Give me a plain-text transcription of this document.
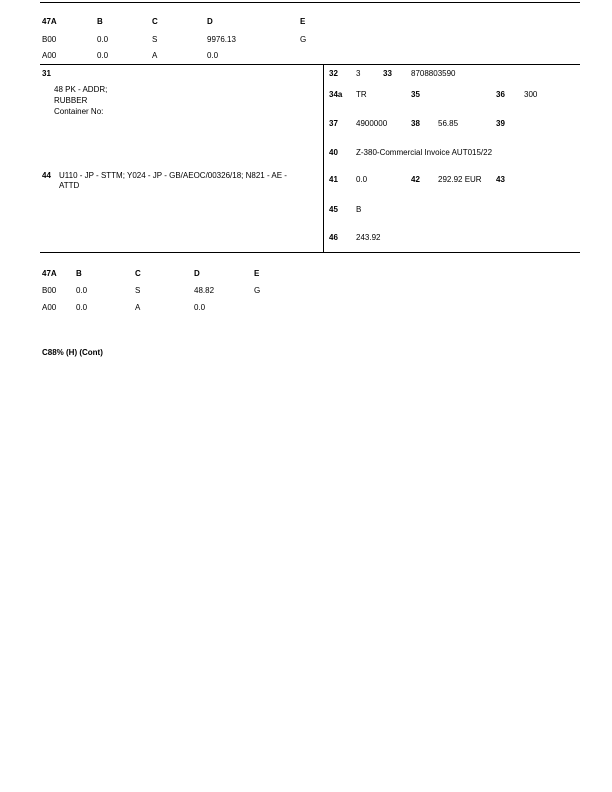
47A	B	C	D	E
B00	0.0	S	9976.13	G
A00	0.0	A	0.0
31
48 PK - ADDR;
RUBBER
Container No:
44 U110 - JP - STTM; Y024 - JP - GB/AEOC/00326/18; N821 - AE -
ATTD
32 3	33 8708803590
34a TR	35	36 300
37 4900000	38 56.85	39
40 Z-380-Commercial Invoice AUT015/22
41 0.0	42 292.92 EUR 43
45 B
46 243.92
47A B	C	D	E
B00 0.0	S	48.82	G
A00 0.0	A	0.0
C88% (H) (Cont)
